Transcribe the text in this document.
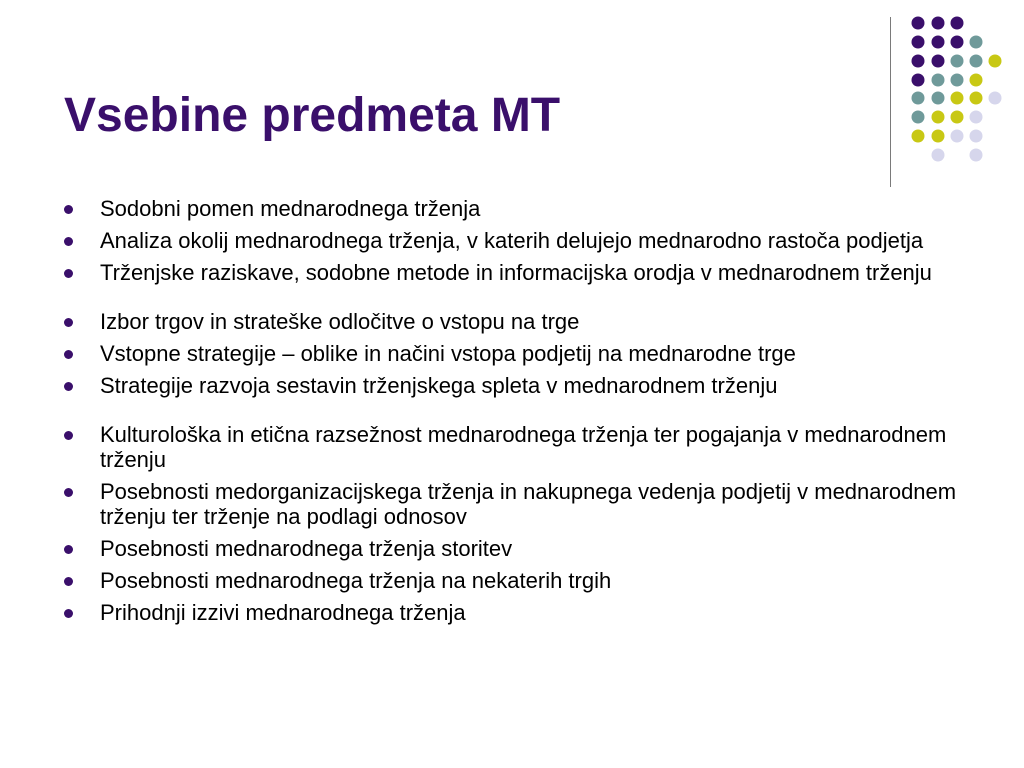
Vsebine predmeta MT
Sodobni pomen mednarodnega trženja
Analiza okolij mednarodnega trženja, v katerih delujejo mednarodno rastoča podjetja
Trženjske raziskave, sodobne metode in informacijska orodja v mednarodnem trženju
Izbor trgov in strateške odločitve o vstopu na trge
Vstopne strategije – oblike in načini vstopa podjetij na mednarodne trge
Strategije razvoja sestavin trženjskega spleta v mednarodnem trženju
Kulturološka in etična razsežnost mednarodnega trženja ter pogajanja v mednarodnem trženju
Posebnosti medorganizacijskega trženja in nakupnega vedenja podjetij v mednarodnem trženju ter trženje na podlagi odnosov
Posebnosti mednarodnega trženja storitev
Posebnosti mednarodnega trženja na nekaterih trgih
Prihodnji izzivi mednarodnega trženja
